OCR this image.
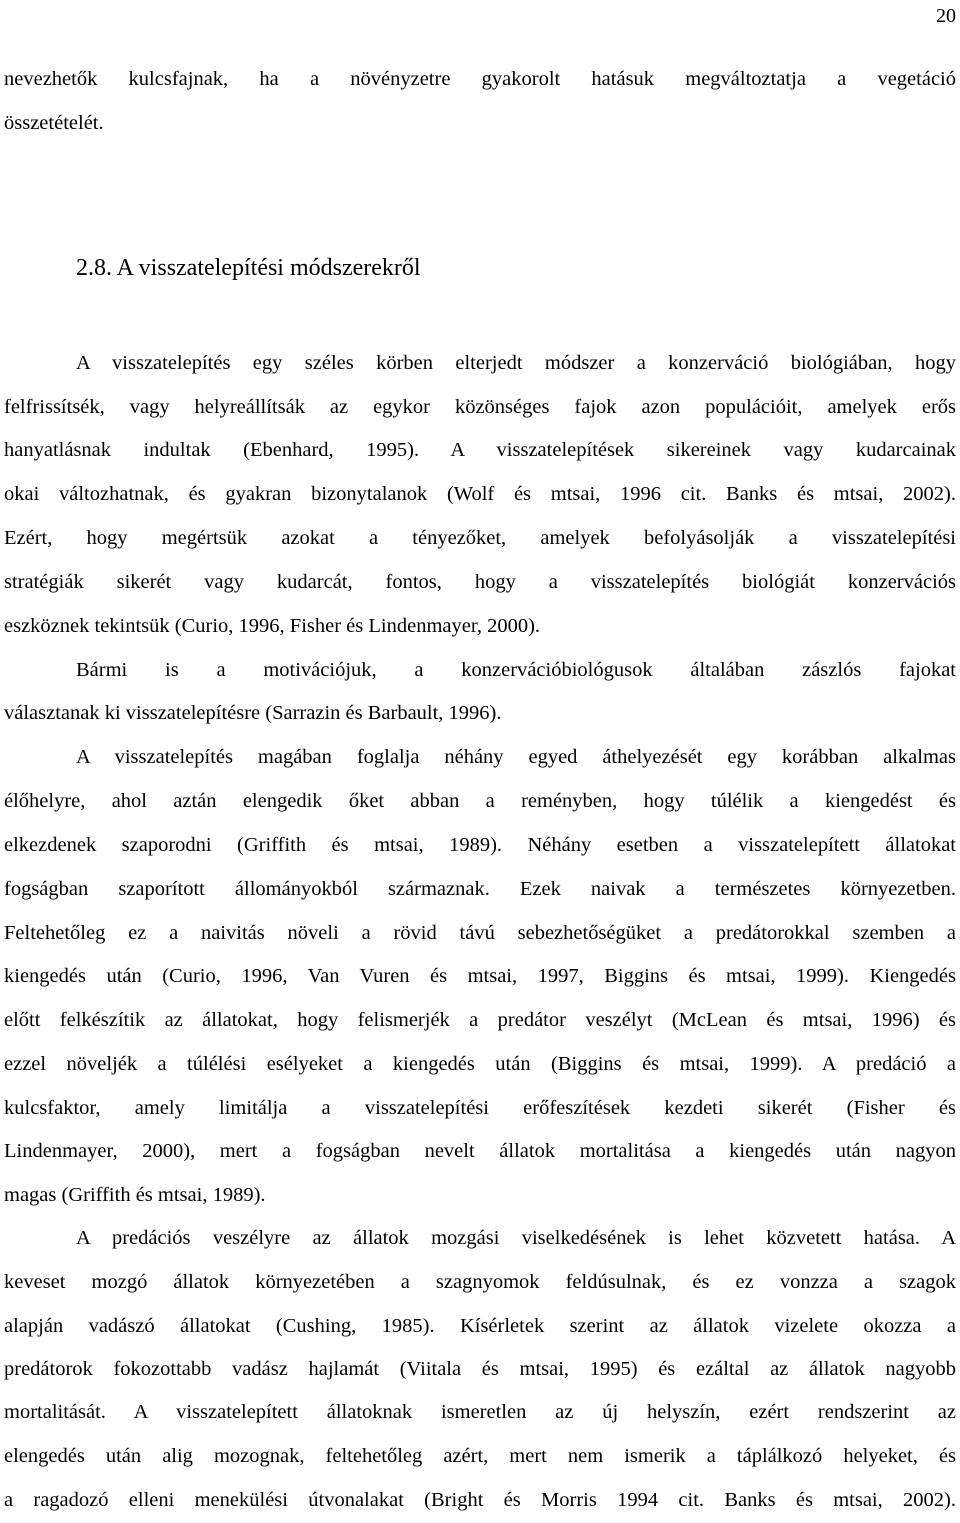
20
2.8. A visszatelepítési módszerekről
nevezhetők kulcsfajnak, ha a növényzetre gyakorolt hatásuk megváltoztatja a vegetáció
összetételét.
A visszatelepítés egy széles körben elterjedt módszer a konzerváció biológiában, hogy
felfrissítsék, vagy helyreállítsák az egykor közönséges fajok azon populációit, amelyek erős
hanyatlásnak indultak (Ebenhard, 1995). A visszatelepítések sikereinek vagy kudarcainak
okai változhatnak, és gyakran bizonytalanok (Wolf és mtsai, 1996 cit. Banks és mtsai, 2002).
Ezért, hogy megértsük azokat a tényezőket, amelyek befolyásolják a visszatelepítési
stratégiák sikerét vagy kudarcát, fontos, hogy a visszatelepítés biológiát konzervációs
eszköznek tekintsük (Curio, 1996, Fisher és Lindenmayer, 2000).
Bármi is a motivációjuk, a konzervációbiológusok általában zászlós fajokat
választanak ki visszatelepítésre (Sarrazin és Barbault, 1996).
A visszatelepítés magában foglalja néhány egyed áthelyezését egy korábban alkalmas
élőhelyre, ahol aztán elengedik őket abban a reményben, hogy túlélik a kiengedést és
elkezdenek szaporodni (Griffith és mtsai, 1989). Néhány esetben a visszatelepített állatokat
fogságban szaporított állományokból származnak. Ezek naivak a természetes környezetben.
Feltehetőleg ez a naivitás növeli a rövid távú sebezhetőségüket a predátorokkal szemben a
kiengedés után (Curio, 1996, Van Vuren és mtsai, 1997, Biggins és mtsai, 1999). Kiengedés
előtt felkészítik az állatokat, hogy felismerjék a predátor veszélyt (McLean és mtsai, 1996) és
ezzel növeljék a túlélési esélyeket a kiengedés után (Biggins és mtsai, 1999). A predáció a
kulcsfaktor, amely limitálja a visszatelepítési erőfeszítések kezdeti sikerét (Fisher és
Lindenmayer, 2000), mert a fogságban nevelt állatok mortalitása a kiengedés után nagyon
magas (Griffith és mtsai, 1989).
A predációs veszélyre az állatok mozgási viselkedésének is lehet közvetett hatása. A
keveset mozgó állatok környezetében a szagnyomok feldúsulnak, és ez vonzza a szagok
alapján vadászó állatokat (Cushing, 1985). Kísérletek szerint az állatok vizelete okozza a
predátorok fokozottabb vadász hajlamát (Viitala és mtsai, 1995) és ezáltal az állatok nagyobb
mortalitását. A visszatelepített állatoknak ismeretlen az új helyszín, ezért rendszerint az
elengedés után alig mozognak, feltehetőleg azért, mert nem ismerik a táplálkozó helyeket, és
a ragadozó elleni menekülési útvonalakat (Bright és Morris 1994 cit. Banks és mtsai, 2002).
